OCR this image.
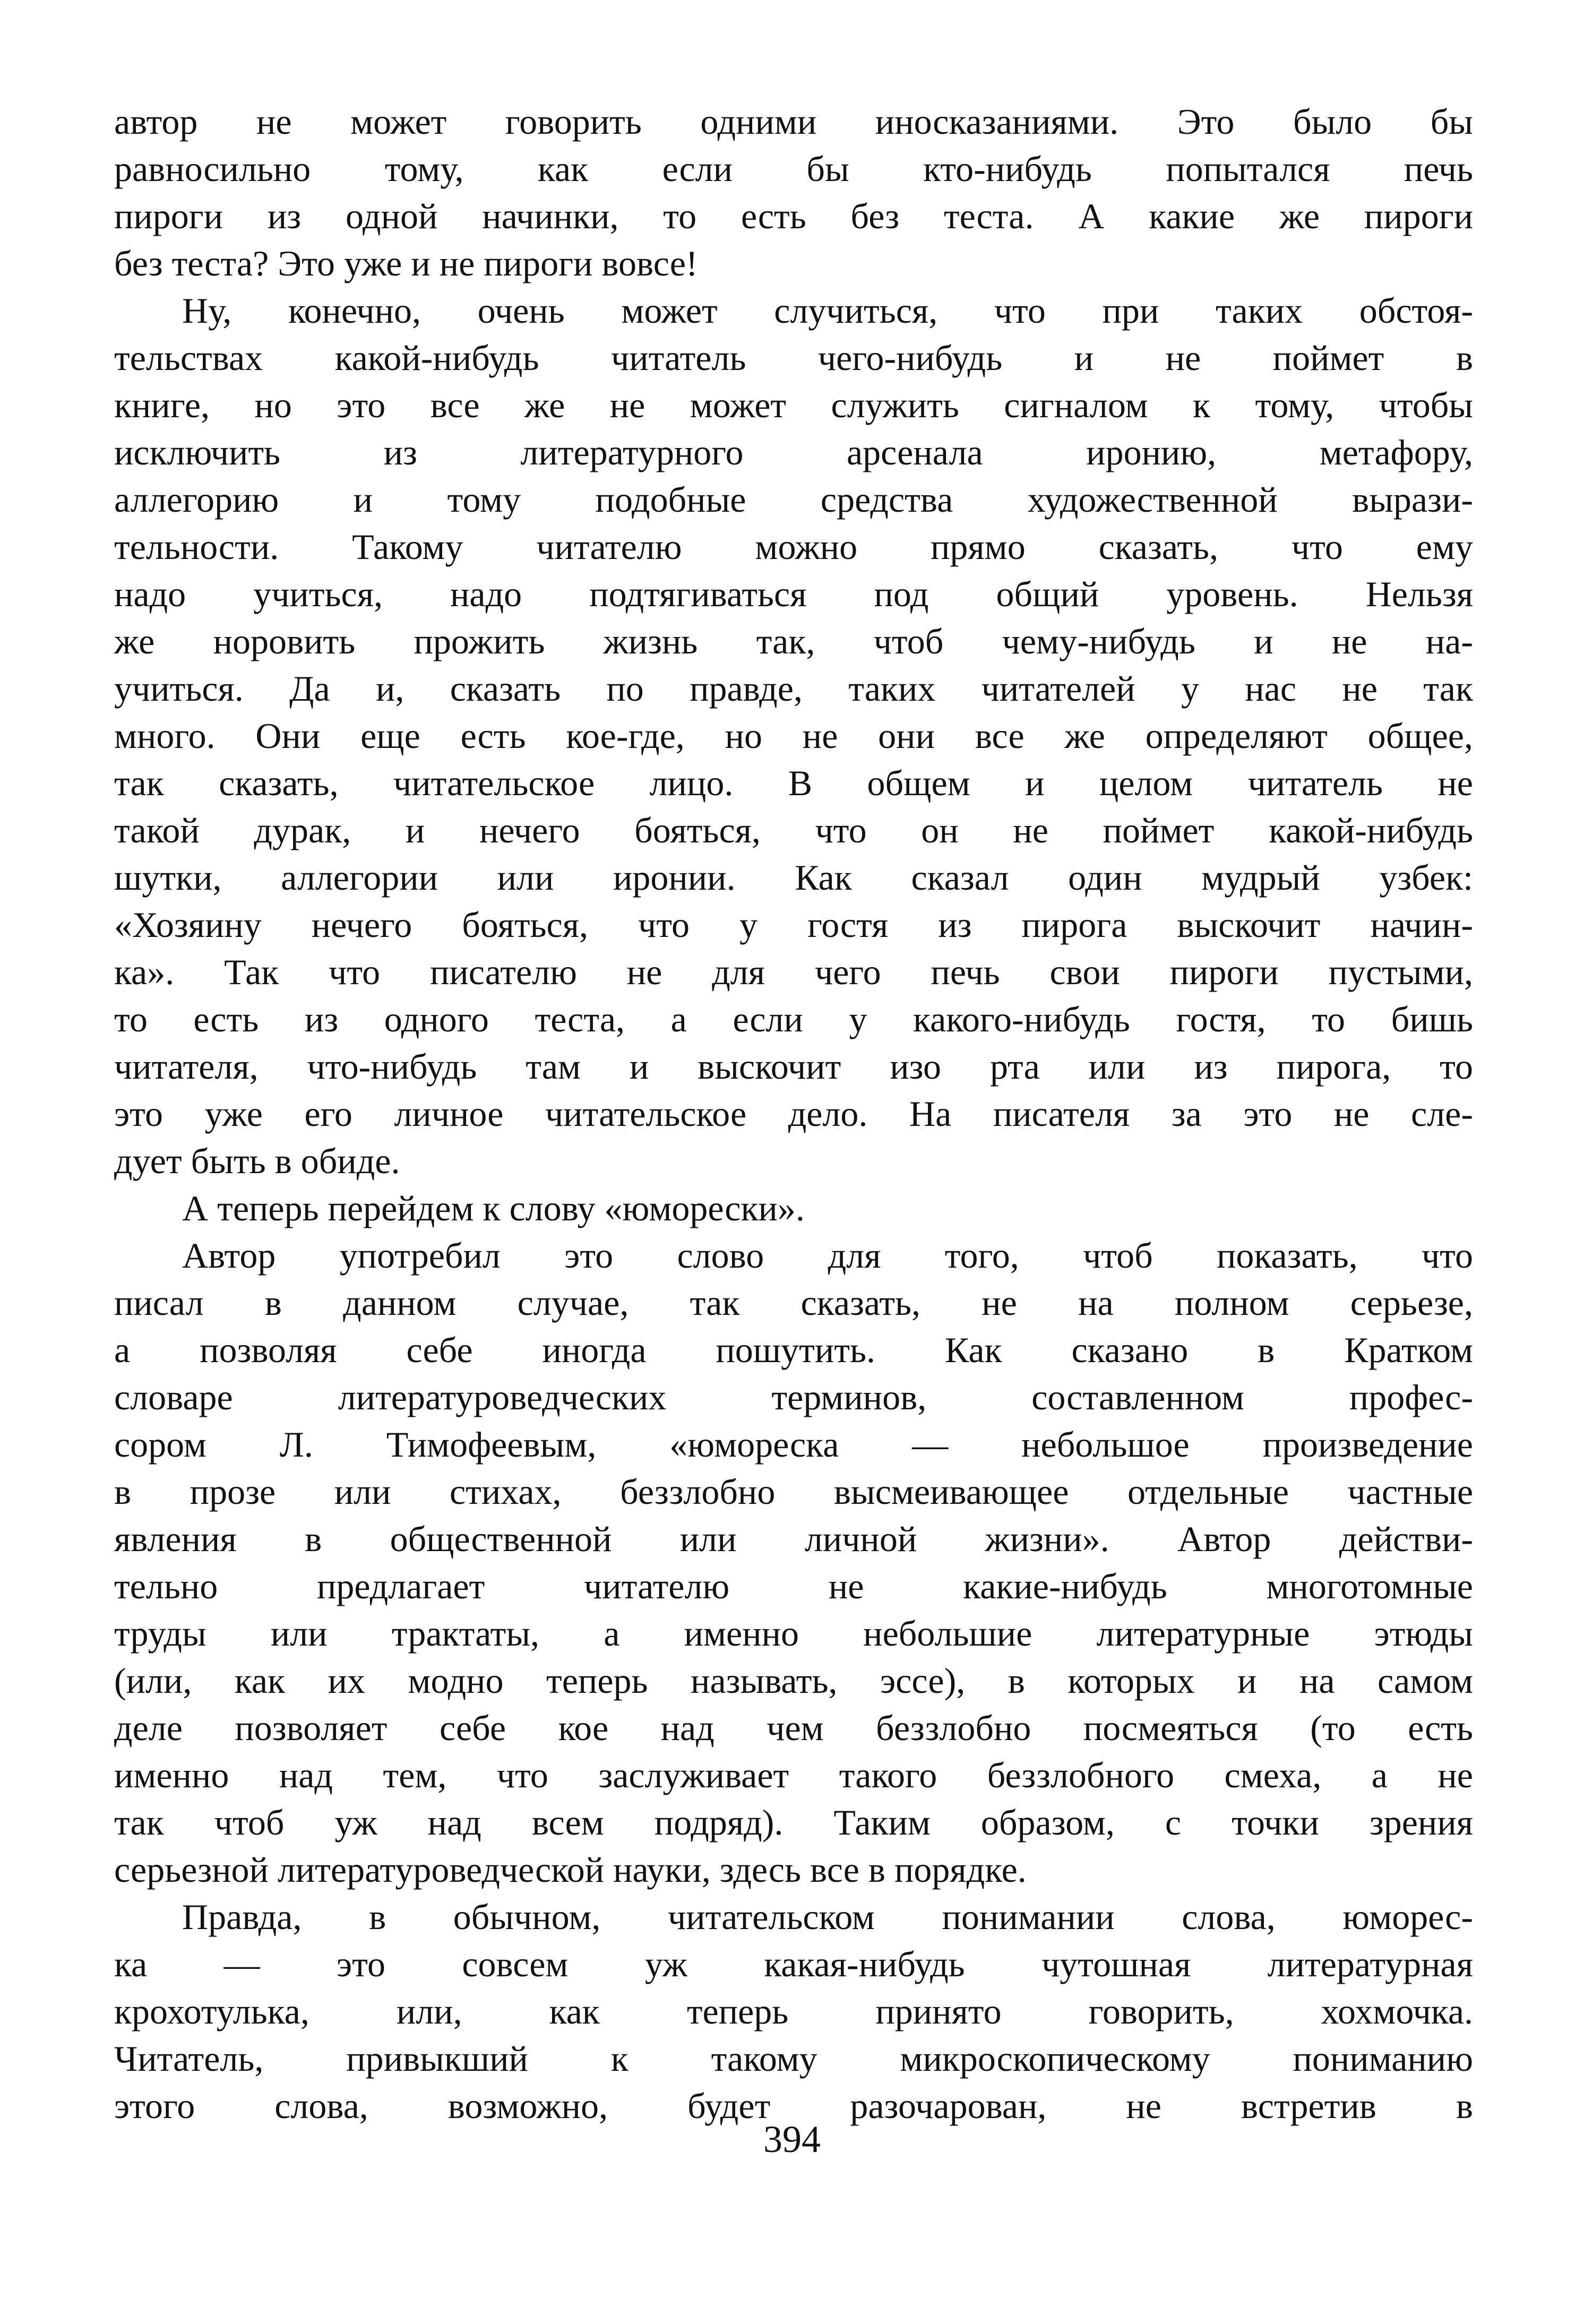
автор не может говорить одними иносказаниями. Это было бы
равносильно тому, как если бы кто-нибудь попытался печь
пироги из одной начинки, то есть без теста. А какие же пироги
без теста? Это уже и не пироги вовсе!
Ну, конечно, очень может случиться, что при таких обстоя-
тельствах какой-нибудь читатель чего-нибудь и не поймет в
книге, но это все же не может служить сигналом к тому, чтобы
исключить из литературного арсенала иронию, метафору,
аллегорию и тому подобные средства художественной вырази-
тельности. Такому читателю можно прямо сказать, что ему
надо учиться, надо подтягиваться под общий уровень. Нельзя
же норовить прожить жизнь так, чтоб чему-нибудь и не на-
учиться. Да и, сказать по правде, таких читателей у нас не так
много. Они еще есть кое-где, но не они все же определяют общее,
так сказать, читательское лицо. В общем и целом читатель не
такой дурак, и нечего бояться, что он не поймет какой-нибудь
шутки, аллегории или иронии. Как сказал один мудрый узбек:
«Хозяину нечего бояться, что у гостя из пирога выскочит начин-
ка». Так что писателю не для чего печь свои пироги пустыми,
то есть из одного теста, а если у какого-нибудь гостя, то бишь
читателя, что-нибудь там и выскочит изо рта или из пирога, то
это уже его личное читательское дело. На писателя за это не сле-
дует быть в обиде.
А теперь перейдем к слову «юморески».
Автор употребил это слово для того, чтоб показать, что
писал в данном случае, так сказать, не на полном серьезе,
а позволяя себе иногда пошутить. Как сказано в Кратком
словаре литературоведческих терминов, составленном профес-
сором Л. Тимофеевым, «юмореска — небольшое произведение
в прозе или стихах, беззлобно высмеивающее отдельные частные
явления в общественной или личной жизни». Автор действи-
тельно предлагает читателю не какие-нибудь многотомные
труды или трактаты, а именно небольшие литературные этюды
(или, как их модно теперь называть, эссе), в которых и на самом
деле позволяет себе кое над чем беззлобно посмеяться (то есть
именно над тем, что заслуживает такого беззлобного смеха, а не
так чтоб уж над всем подряд). Таким образом, с точки зрения
серьезной литературоведческой науки, здесь все в порядке.
Правда, в обычном, читательском понимании слова, юморес-
ка — это совсем уж какая-нибудь чутошная литературная
крохотулька, или, как теперь принято говорить, хохмочка.
Читатель, привыкший к такому микроскопическому пониманию
этого слова, возможно, будет разочарован, не встретив в
394
